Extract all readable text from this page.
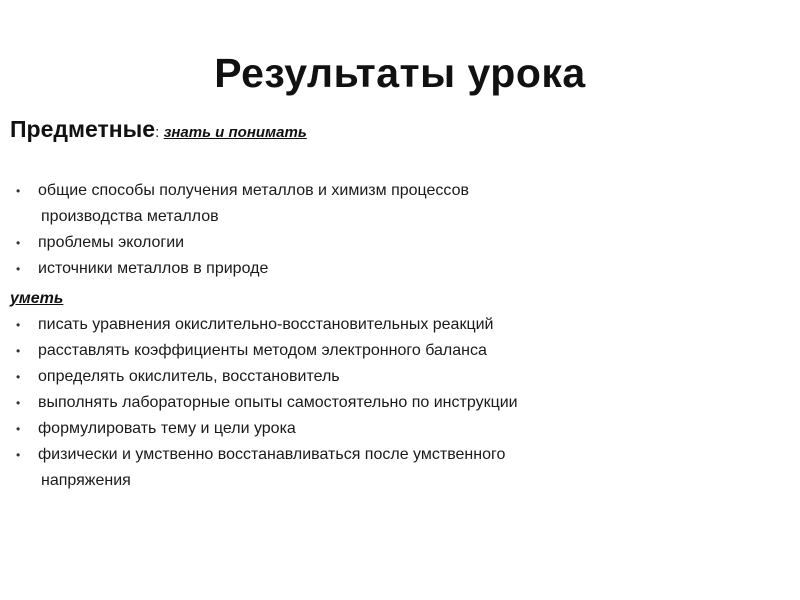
Результаты урока
Предметные: знать и понимать
• общие способы получения металлов и химизм процессов
производства металлов
• проблемы экологии
• источники металлов в природе
уметь
• писать уравнения окислительно-восстановительных реакций
• расставлять коэффициенты методом электронного баланса
• определять окислитель, восстановитель
• выполнять лабораторные опыты самостоятельно по инструкции
• формулировать тему и цели урока
• физически и умственно восстанавливаться после умственного
напряжения
